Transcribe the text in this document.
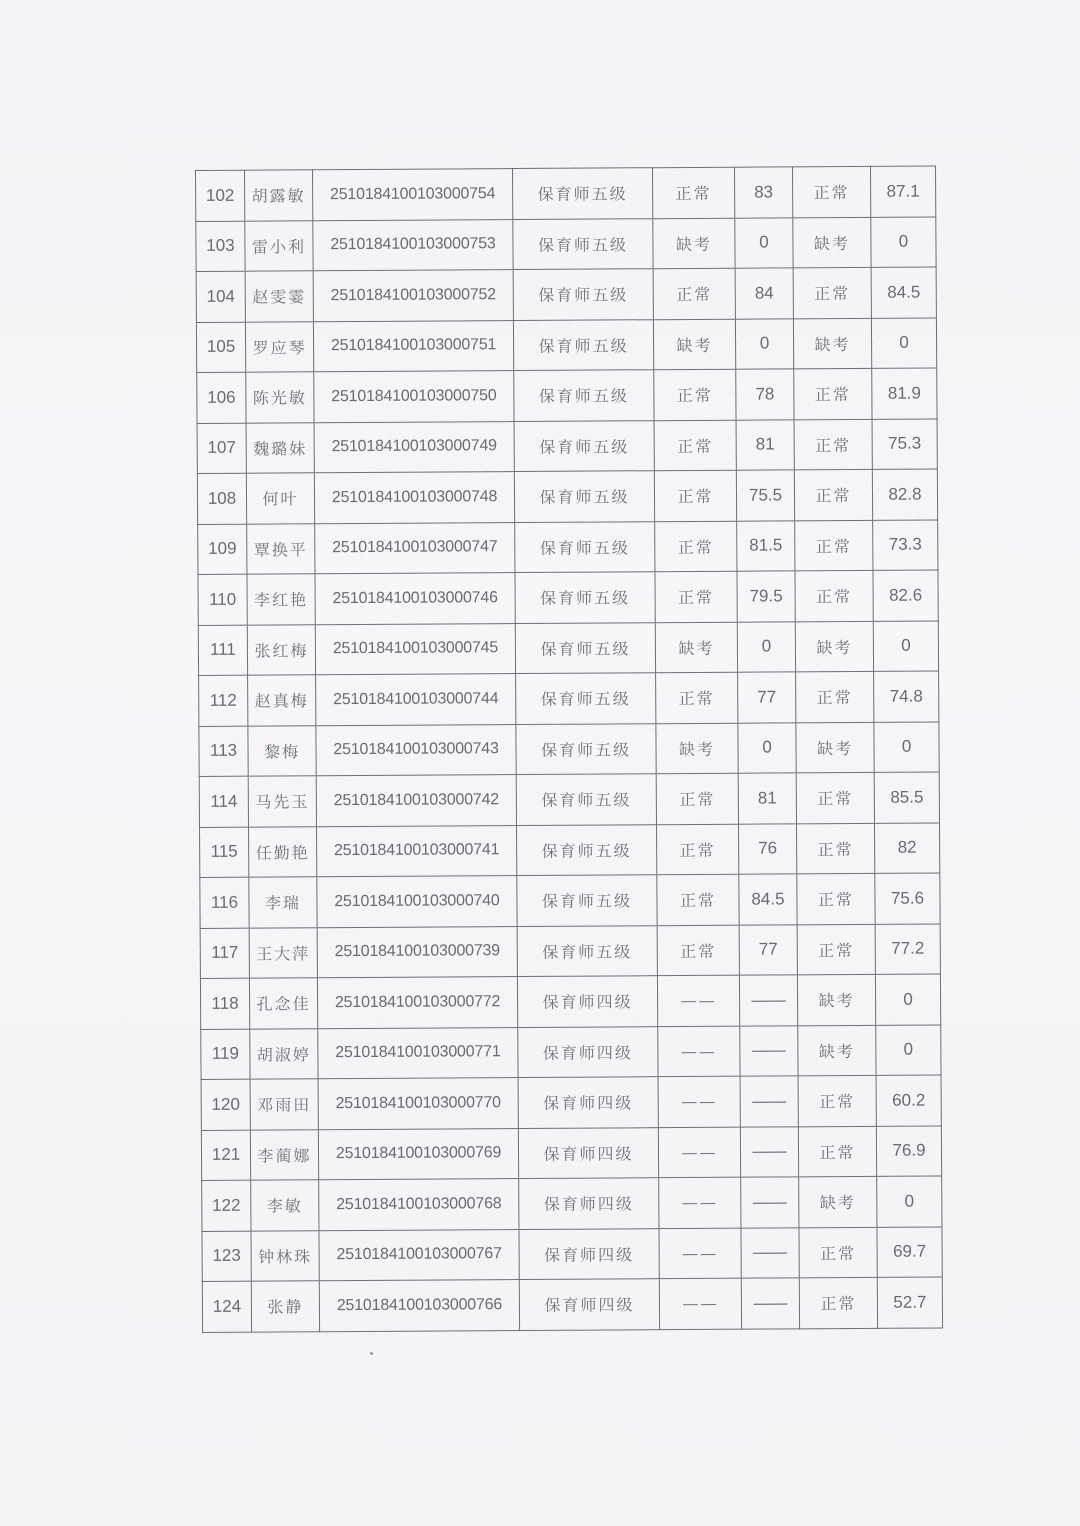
102	胡露敏	2510184100103000754	保育师五级	正常	83	正常	87.1
103	雷小利	2510184100103000753	保育师五级	缺考	0	缺考	0
104	赵雯霎	2510184100103000752	保育师五级	正常	84	正常	84.5
105	罗应琴	2510184100103000751	保育师五级	缺考	0	缺考	0
106	陈光敏	2510184100103000750	保育师五级	正常	78	正常	81.9
107	魏璐妹	2510184100103000749	保育师五级	正常	81	正常	75.3
108	何叶	2510184100103000748	保育师五级	正常	75.5	正常	82.8
109	覃换平	2510184100103000747	保育师五级	正常	81.5	正常	73.3
110	李红艳	2510184100103000746	保育师五级	正常	79.5	正常	82.6
111	张红梅	2510184100103000745	保育师五级	缺考	0	缺考	0
112	赵真梅	2510184100103000744	保育师五级	正常	77	正常	74.8
113	黎梅	2510184100103000743	保育师五级	缺考	0	缺考	0
114	马先玉	2510184100103000742	保育师五级	正常	81	正常	85.5
115	任勤艳	2510184100103000741	保育师五级	正常	76	正常	82
116	李瑞	2510184100103000740	保育师五级	正常	84.5	正常	75.6
117	王大萍	2510184100103000739	保育师五级	正常	77	正常	77.2
118	孔念佳	2510184100103000772	保育师四级	——	——	缺考	0
119	胡淑婷	2510184100103000771	保育师四级	——	——	缺考	0
120	邓雨田	2510184100103000770	保育师四级	——	——	正常	60.2
121	李蔺娜	2510184100103000769	保育师四级	——	——	正常	76.9
122	李敏	2510184100103000768	保育师四级	——	——	缺考	0
123	钟林珠	2510184100103000767	保育师四级	——	——	正常	69.7
124	张静	2510184100103000766	保育师四级	——	——	正常	52.7
